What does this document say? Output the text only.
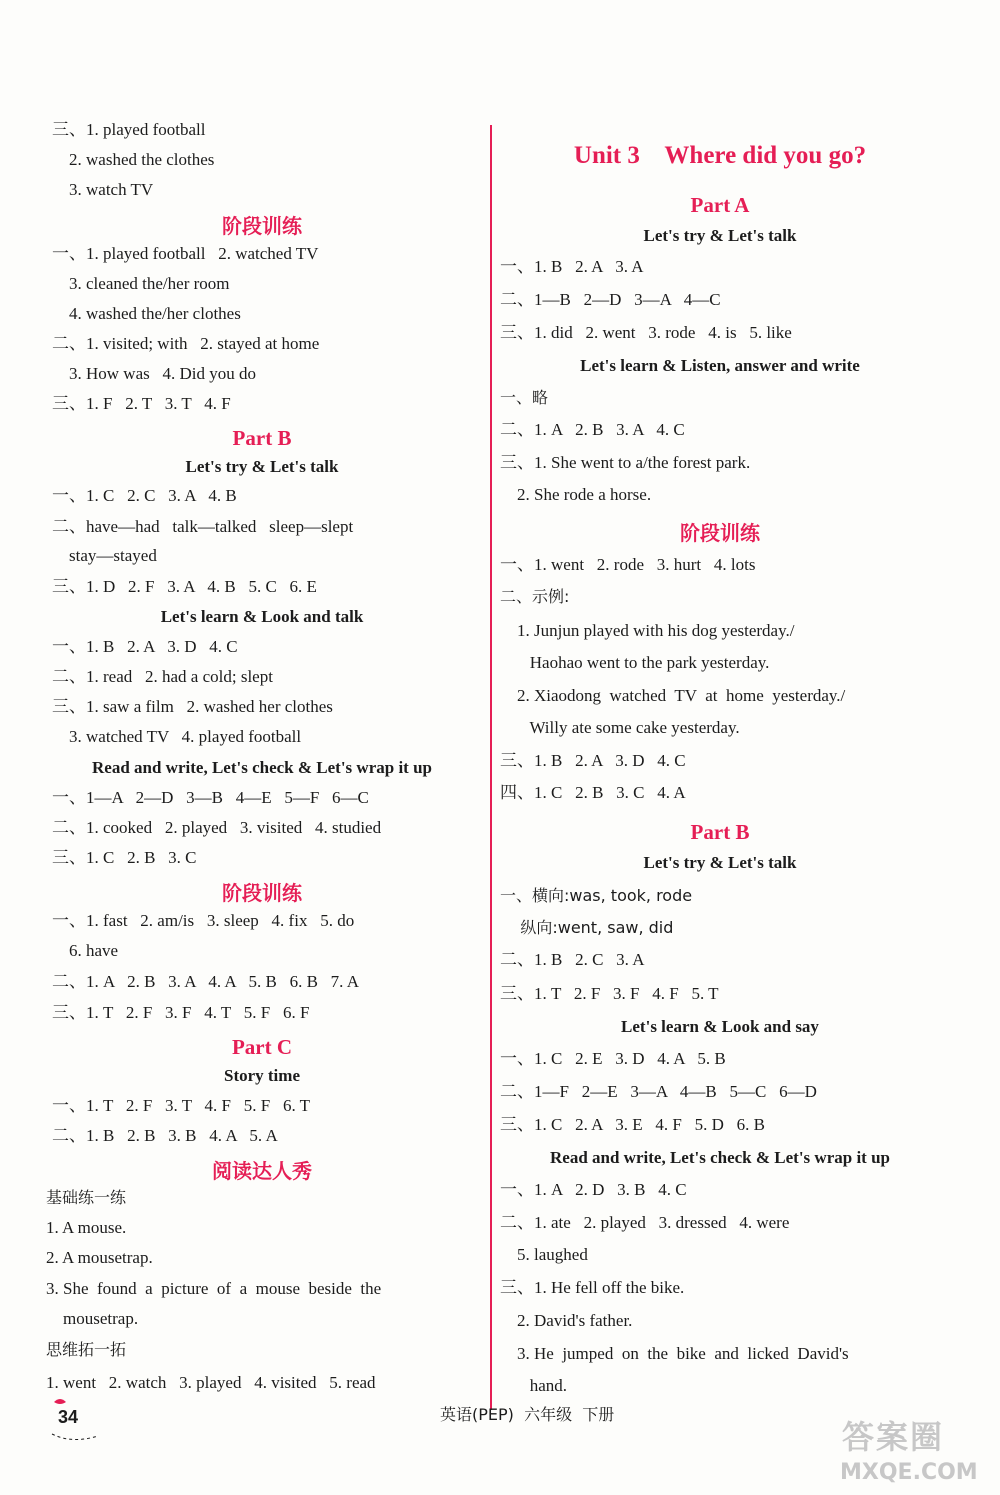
三、1. played football
2. washed the clothes
3. watch TV
阶段训练
一、1. played football   2. watched TV
3. cleaned the/her room
4. washed the/her clothes
二、1. visited; with   2. stayed at home
3. How was   4. Did you do
三、1. F   2. T   3. T   4. F
Part B
Let's try & Let's talk
一、1. C   2. C   3. A   4. B
二、have—had   talk—talked   sleep—slept
stay—stayed
三、1. D   2. F   3. A   4. B   5. C   6. E
Let's learn & Look and talk
一、1. B   2. A   3. D   4. C
二、1. read   2. had a cold; slept
三、1. saw a film   2. washed her clothes
3. watched TV   4. played football
Read and write, Let's check & Let's wrap it up
一、1—A   2—D   3—B   4—E   5—F   6—C
二、1. cooked   2. played   3. visited   4. studied
三、1. C   2. B   3. C
阶段训练
一、1. fast   2. am/is   3. sleep   4. fix   5. do
6. have
二、1. A   2. B   3. A   4. A   5. B   6. B   7. A
三、1. T   2. F   3. F   4. T   5. F   6. F
Part C
Story time
一、1. T   2. F   3. T   4. F   5. F   6. T
二、1. B   2. B   3. B   4. A   5. A
阅读达人秀
基础练一练
1. A mouse.
2. A mousetrap.
3. She  found  a  picture  of  a  mouse  beside  the
mousetrap.
思维拓一拓
1. went   2. watch   3. played   4. visited   5. read
Unit 3    Where did you go?
Part A
Let's try & Let's talk
一、1. B   2. A   3. A
二、1—B   2—D   3—A   4—C
三、1. did   2. went   3. rode   4. is   5. like
Let's learn & Listen, answer and write
一、略
二、1. A   2. B   3. A   4. C
三、1. She went to a/the forest park.
2. She rode a horse.
阶段训练
一、1. went   2. rode   3. hurt   4. lots
二、示例:
1. Junjun played with his dog yesterday./
Haohao went to the park yesterday.
2. Xiaodong  watched  TV  at  home  yesterday./
Willy ate some cake yesterday.
三、1. B   2. A   3. D   4. C
四、1. C   2. B   3. C   4. A
Part B
Let's try & Let's talk
一、横向:was, took, rode
纵向:went, saw, did
二、1. B   2. C   3. A
三、1. T   2. F   3. F   4. F   5. T
Let's learn & Look and say
一、1. C   2. E   3. D   4. A   5. B
二、1—F   2—E   3—A   4—B   5—C   6—D
三、1. C   2. A   3. E   4. F   5. D   6. B
Read and write, Let's check & Let's wrap it up
一、1. A   2. D   3. B   4. C
二、1. ate   2. played   3. dressed   4. were
5. laughed
三、1. He fell off the bike.
2. David's father.
3. He  jumped  on  the  bike  and  licked  David's
hand.
34	英语(PEP)  六年级  下册
答案圈
MXQE.COM
